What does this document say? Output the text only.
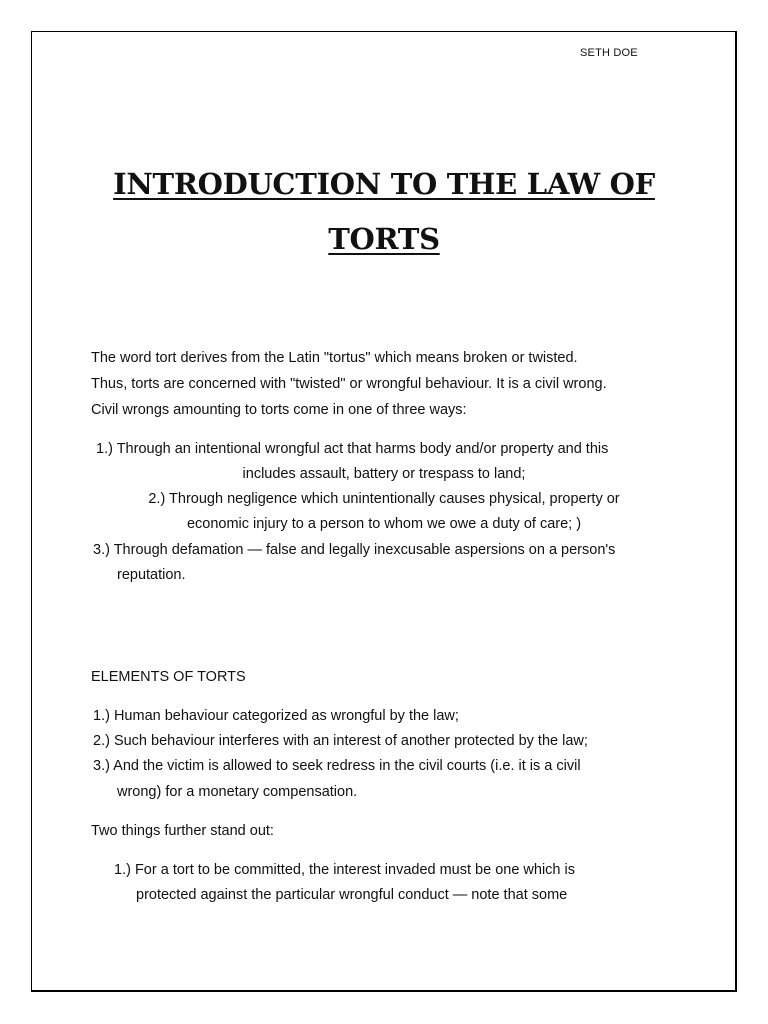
SETH DOE
INTRODUCTION TO THE LAW OF
TORTS
The word tort derives from the Latin "tortus" which means broken or twisted.
Thus, torts are concerned with "twisted" or wrongful behaviour. It is a civil wrong.
Civil wrongs amounting to torts come in one of three ways:
1.) Through an intentional wrongful act that harms body and/or property and this
includes assault, battery or trespass to land;
2.) Through negligence which unintentionally causes physical, property or
economic injury to a person to whom we owe a duty of care; )
3.) Through defamation — false and legally inexcusable aspersions on a person's
reputation.
ELEMENTS OF TORTS
1.) Human behaviour categorized as wrongful by the law;
2.) Such behaviour interferes with an interest of another protected by the law;
3.) And the victim is allowed to seek redress in the civil courts (i.e. it is a civil
wrong) for a monetary compensation.
Two things further stand out:
1.) For a tort to be committed, the interest invaded must be one which is
protected against the particular wrongful conduct — note that some
